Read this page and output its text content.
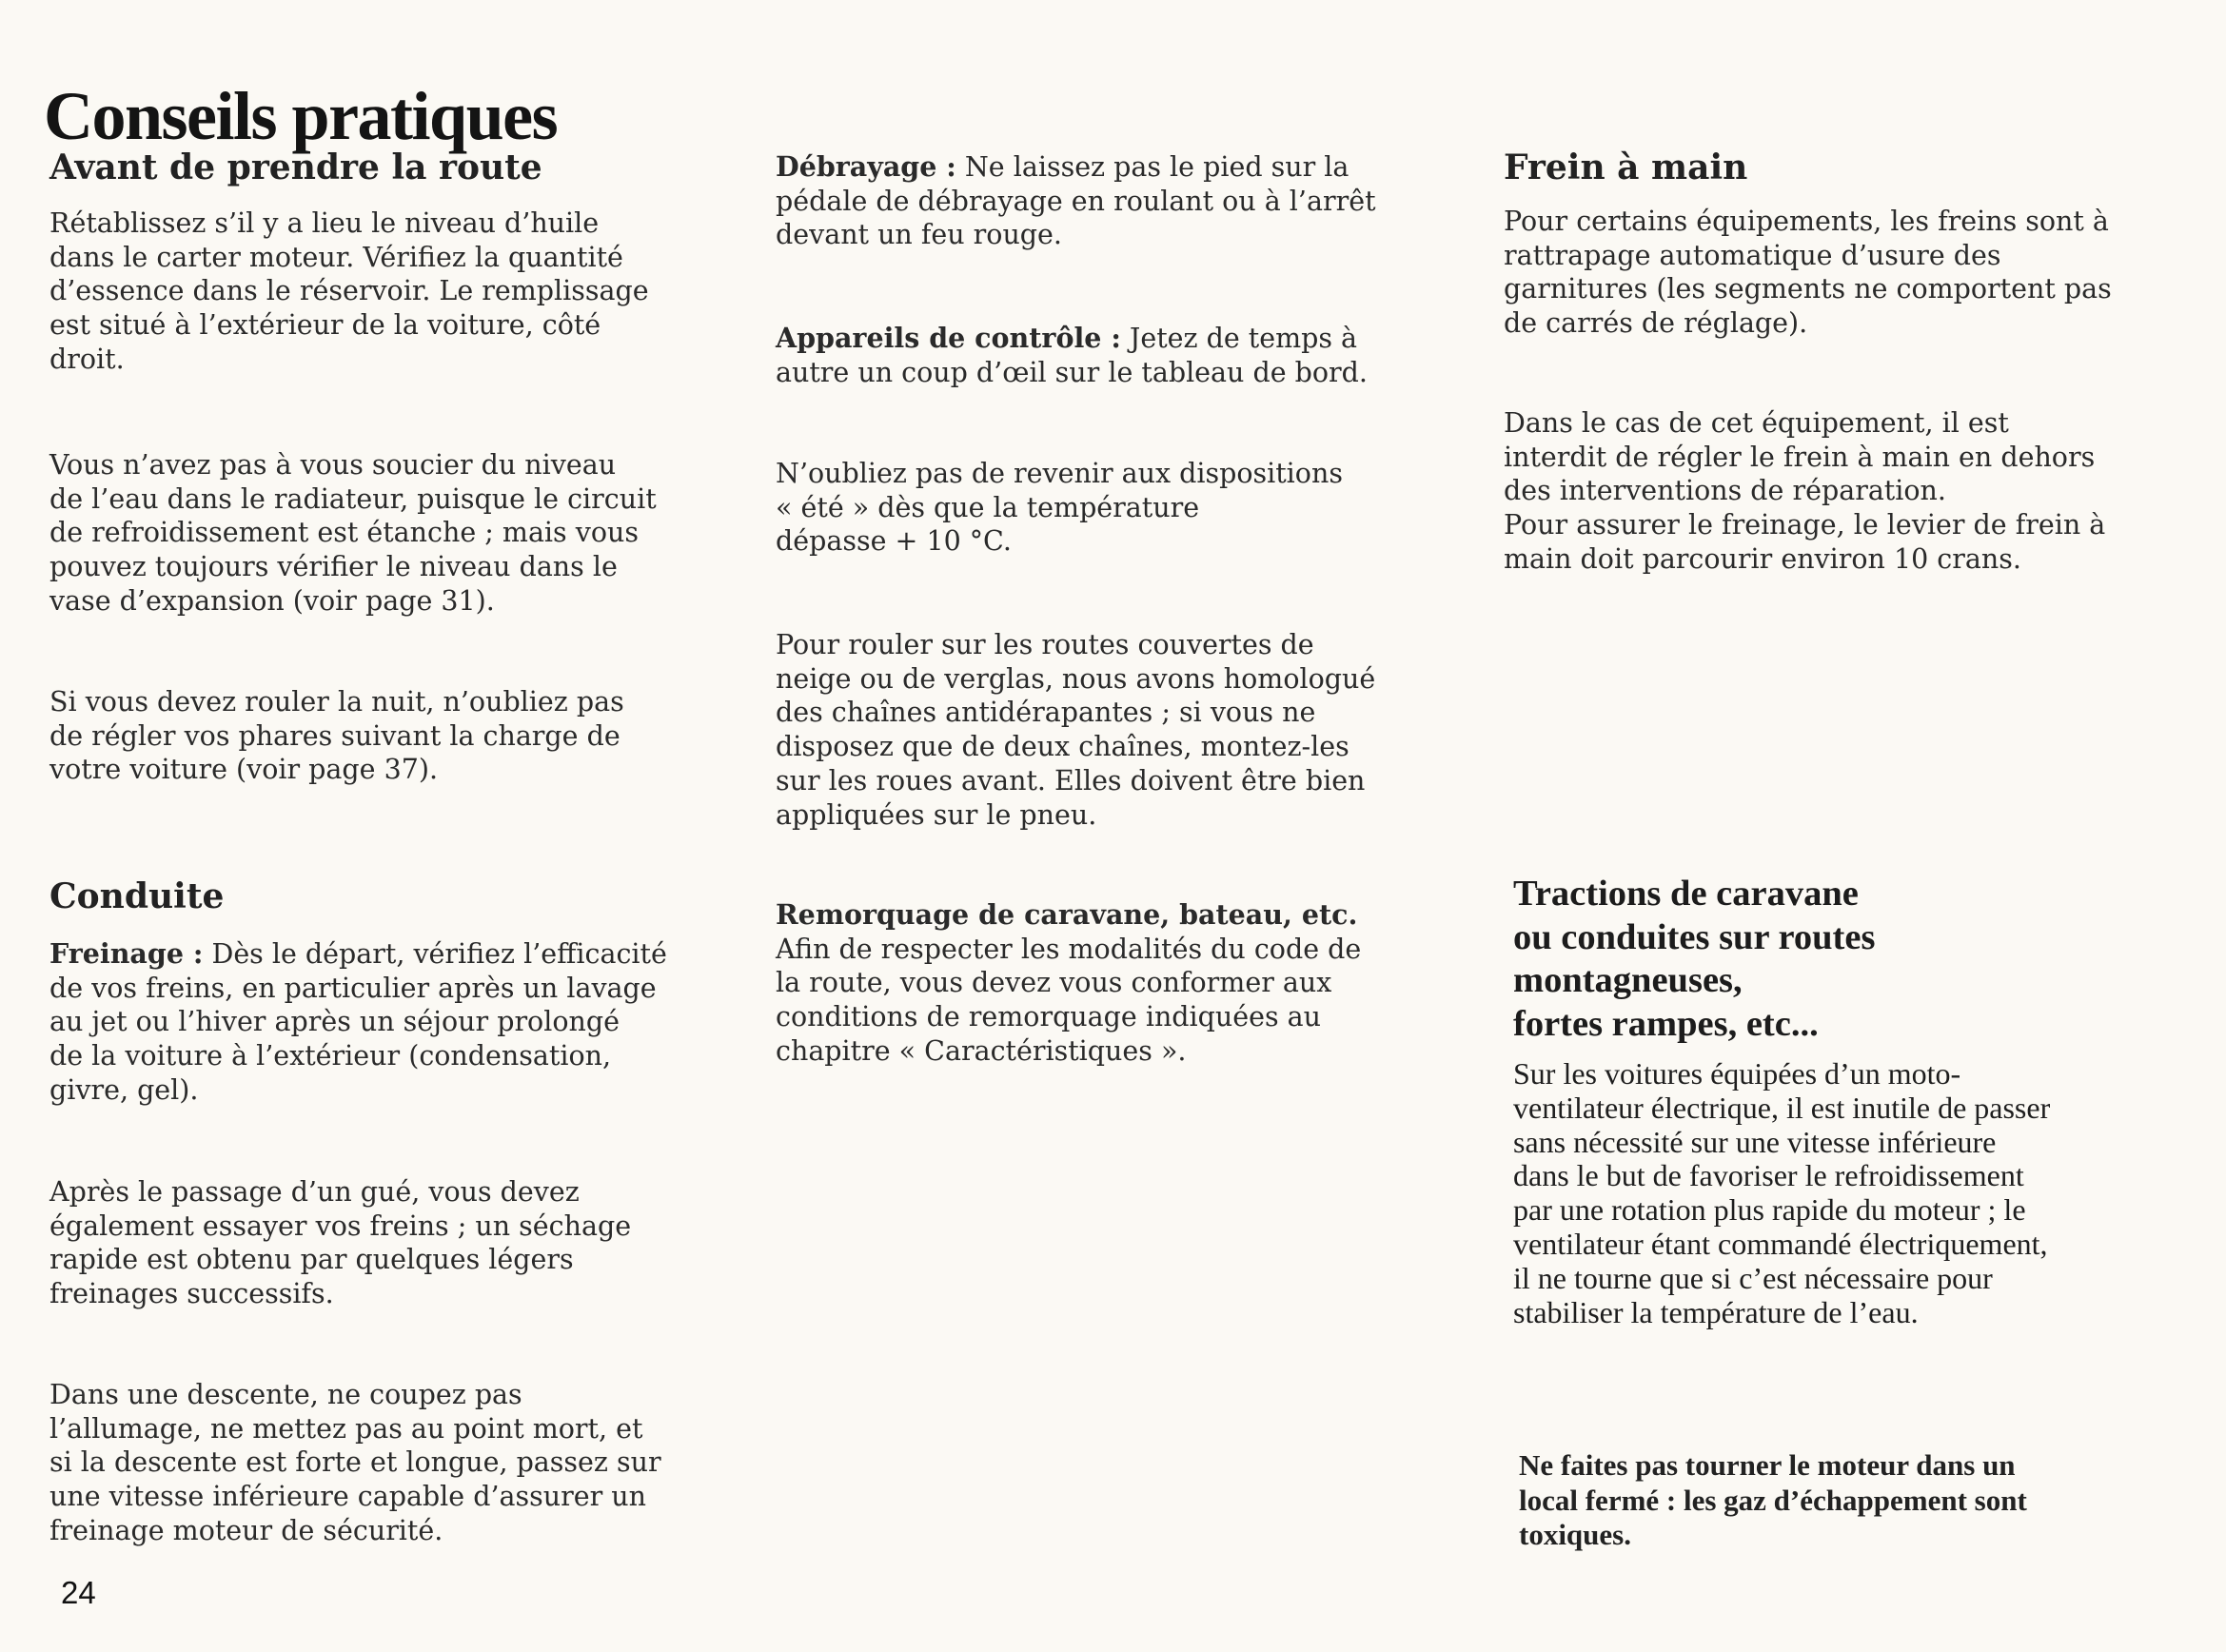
Conseils pratiques
Avant de prendre la route

Rétablissez s’il y a lieu le niveau d’huile
dans le carter moteur. Vérifiez la quantité
d’essence dans le réservoir. Le remplissage
est situé à l’extérieur de la voiture, côté
droit.

Vous n’avez pas à vous soucier du niveau
de l’eau dans le radiateur, puisque le circuit
de refroidissement est étanche ; mais vous
pouvez toujours vérifier le niveau dans le
vase d’expansion (voir page 31).

Si vous devez rouler la nuit, n’oubliez pas
de régler vos phares suivant la charge de
votre voiture (voir page 37).

Conduite

Freinage : Dès le départ, vérifiez l’efficacité
de vos freins, en particulier après un lavage
au jet ou l’hiver après un séjour prolongé
de la voiture à l’extérieur (condensation,
givre, gel).

Après le passage d’un gué, vous devez
également essayer vos freins ; un séchage
rapide est obtenu par quelques légers
freinages successifs.

Dans une descente, ne coupez pas
l’allumage, ne mettez pas au point mort, et
si la descente est forte et longue, passez sur
une vitesse inférieure capable d’assurer un
freinage moteur de sécurité.

Débrayage : Ne laissez pas le pied sur la
pédale de débrayage en roulant ou à l’arrêt
devant un feu rouge.

Appareils de contrôle : Jetez de temps à
autre un coup d’œil sur le tableau de bord.

N’oubliez pas de revenir aux dispositions
« été » dès que la température
dépasse + 10 °C.

Pour rouler sur les routes couvertes de
neige ou de verglas, nous avons homologué
des chaînes antidérapantes ; si vous ne
disposez que de deux chaînes, montez-les
sur les roues avant. Elles doivent être bien
appliquées sur le pneu.

Remorquage de caravane, bateau, etc.
Afin de respecter les modalités du code de
la route, vous devez vous conformer aux
conditions de remorquage indiquées au
chapitre « Caractéristiques ».

Frein à main

Pour certains équipements, les freins sont à
rattrapage automatique d’usure des
garnitures (les segments ne comportent pas
de carrés de réglage).

Dans le cas de cet équipement, il est
interdit de régler le frein à main en dehors
des interventions de réparation.
Pour assurer le freinage, le levier de frein à
main doit parcourir environ 10 crans.

Tractions de caravane
ou conduites sur routes
montagneuses,
fortes rampes, etc...

Sur les voitures équipées d’un moto-
ventilateur électrique, il est inutile de passer
sans nécessité sur une vitesse inférieure
dans le but de favoriser le refroidissement
par une rotation plus rapide du moteur ; le
ventilateur étant commandé électriquement,
il ne tourne que si c’est nécessaire pour
stabiliser la température de l’eau.

Ne faites pas tourner le moteur dans un
local fermé : les gaz d’échappement sont
toxiques.

24
